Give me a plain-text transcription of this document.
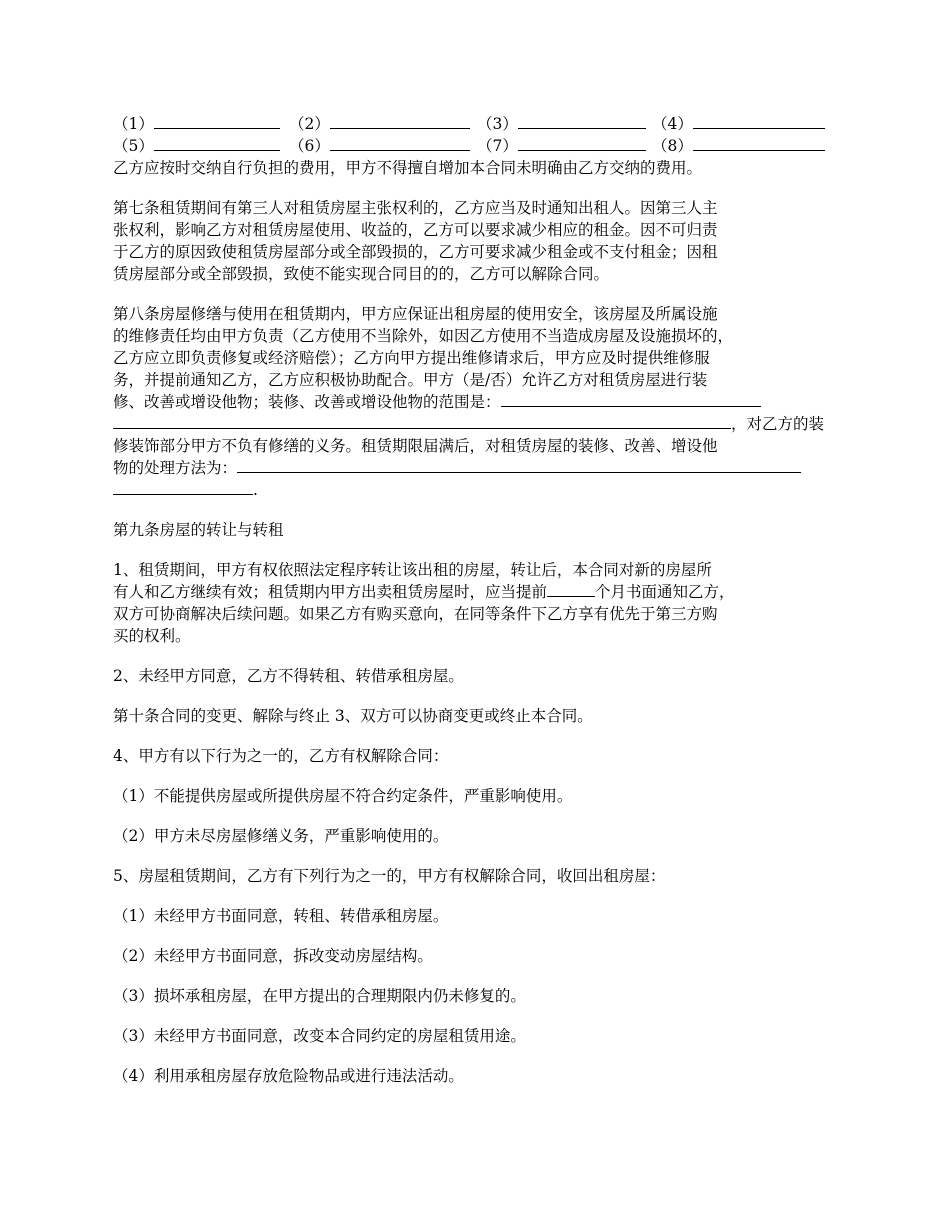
（1）	（2）	（3）	（4）
（5）	（6）	（7）	（8）
乙方应按时交纳自行负担的费用，甲方不得擅自增加本合同未明确由乙方交纳的费用。
第七条租赁期间有第三人对租赁房屋主张权利的，乙方应当及时通知出租人。因第三人主
张权利，影响乙方对租赁房屋使用、收益的，乙方可以要求减少相应的租金。因不可归责
于乙方的原因致使租赁房屋部分或全部毁损的，乙方可要求减少租金或不支付租金；因租
赁房屋部分或全部毁损，致使不能实现合同目的的，乙方可以解除合同。
第八条房屋修缮与使用在租赁期内，甲方应保证出租房屋的使用安全，该房屋及所属设施
的维修责任均由甲方负责（乙方使用不当除外，如因乙方使用不当造成房屋及设施损坏的，
乙方应立即负责修复或经济赔偿）；乙方向甲方提出维修请求后，甲方应及时提供维修服
务，并提前通知乙方，乙方应积极协助配合。甲方（是/否）允许乙方对租赁房屋进行装
修、改善或增设他物；装修、改善或增设他物的范围是：
，对乙方的装
修装饰部分甲方不负有修缮的义务。租赁期限届满后，对租赁房屋的装修、改善、增设他
物的处理方法为：
.
第九条房屋的转让与转租
1、租赁期间，甲方有权依照法定程序转让该出租的房屋，转让后，本合同对新的房屋所
有人和乙方继续有效；租赁期内甲方出卖租赁房屋时，应当提前	个月书面通知乙方，
双方可协商解决后续问题。如果乙方有购买意向，在同等条件下乙方享有优先于第三方购
买的权利。
2、未经甲方同意，乙方不得转租、转借承租房屋。
第十条合同的变更、解除与终止 3、双方可以协商变更或终止本合同。
4、甲方有以下行为之一的，乙方有权解除合同：
（1）不能提供房屋或所提供房屋不符合约定条件，严重影响使用。
（2）甲方未尽房屋修缮义务，严重影响使用的。
5、房屋租赁期间，乙方有下列行为之一的，甲方有权解除合同，收回出租房屋：
（1）未经甲方书面同意，转租、转借承租房屋。
（2）未经甲方书面同意，拆改变动房屋结构。
（3）损坏承租房屋，在甲方提出的合理期限内仍未修复的。
（3）未经甲方书面同意，改变本合同约定的房屋租赁用途。
（4）利用承租房屋存放危险物品或进行违法活动。
